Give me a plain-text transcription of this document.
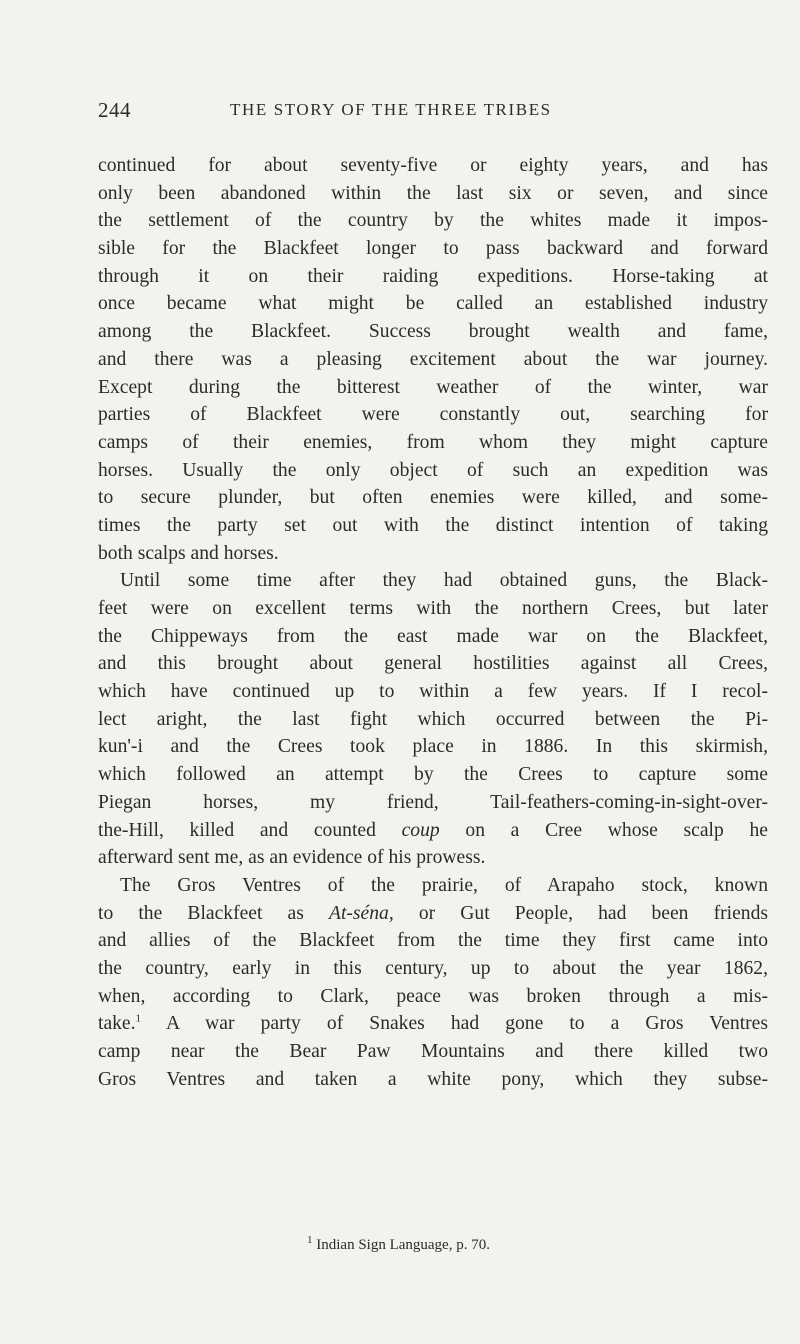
244	THE STORY OF THE THREE TRIBES
continued for about seventy-five or eighty years, and has
only been abandoned within the last six or seven, and since
the settlement of the country by the whites made it impos-
sible for the Blackfeet longer to pass backward and forward
through it on their raiding expeditions. Horse-taking at
once became what might be called an established industry
among the Blackfeet. Success brought wealth and fame,
and there was a pleasing excitement about the war journey.
Except during the bitterest weather of the winter, war
parties of Blackfeet were constantly out, searching for
camps of their enemies, from whom they might capture
horses. Usually the only object of such an expedition was
to secure plunder, but often enemies were killed, and some-
times the party set out with the distinct intention of taking
both scalps and horses.
Until some time after they had obtained guns, the Black-
feet were on excellent terms with the northern Crees, but later
the Chippeways from the east made war on the Blackfeet,
and this brought about general hostilities against all Crees,
which have continued up to within a few years. If I recol-
lect aright, the last fight which occurred between the Pi-
kun'-i and the Crees took place in 1886. In this skirmish,
which followed an attempt by the Crees to capture some
Piegan horses, my friend, Tail-feathers-coming-in-sight-over-
the-Hill, killed and counted coup on a Cree whose scalp he
afterward sent me, as an evidence of his prowess.
The Gros Ventres of the prairie, of Arapaho stock, known
to the Blackfeet as At-séna, or Gut People, had been friends
and allies of the Blackfeet from the time they first came into
the country, early in this century, up to about the year 1862,
when, according to Clark, peace was broken through a mis-
take.$^1$ A war party of Snakes had gone to a Gros Ventres
camp near the Bear Paw Mountains and there killed two
Gros Ventres and taken a white pony, which they subse-
$^1$ Indian Sign Language, p. 70.
